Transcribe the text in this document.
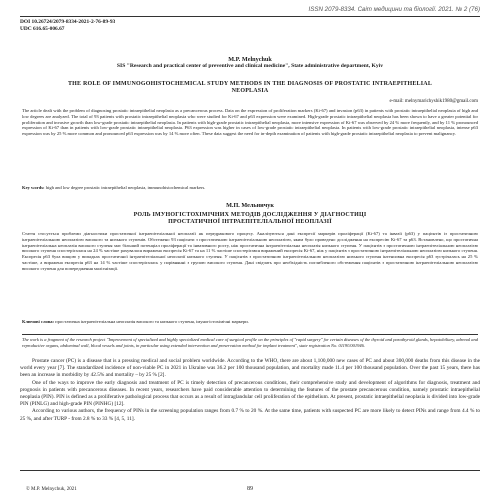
ISSN 2079-8334. Світ медицини та біології. 2021. № 2 (76)
DOI 10.26724/2079-8334-2021-2-76-89-93
UDC 616.65-006.67
M.P. Melnychuk
SIS "Research and practical center of preventive and clinical medicine", State administrative department, Kyiv
THE ROLE OF IMMUNOGOHISTOCHEMICAL STUDY METHODS IN THE DIAGNOSIS OF PROSTATIC INTRAEPITHELIAL NEOPLASIA
e-mail: melnymarichyshik1980@gmail.com
The article dealt with the problem of diagnosing prostatic intraepithelial neoplasia as a precancerous process. Data on the expression of proliferation markers (Ki-67) and invasion (p63) in patients with prostatic intraepithelial neoplasia of high and low degrees are analyzed. The total of 93 patients with prostatic intraepithelial neoplasia who were studied for Ki-67 and p63 expression were examined. High-grade prostatic intraepithelial neoplasia has been shown to have a greater potential for proliferation and invasive growth than low-grade prostatic intraepithelial neoplasia. In patients with high-grade prostatic intraepithelial neoplasia, more intensive expression of Ki-67 was observed by 24 % more frequently, and by 11 % pronounced expression of Ki-67 than in patients with low-grade prostatic intraepithelial neoplasia. P63 expression was higher in cases of low-grade prostatic intraepithelial neoplasia. In patients with low-grade prostatic intraepithelial neoplasia, intense p63 expression was by 25 % more common and pronounced p63 expression was by 14 % more often. These data suggest the need for in-depth examination of patients with high-grade prostatic intraepithelial neoplasia to prevent malignancy.
Key words: high and low degree prostatic intraepithelial neoplasia, immunohistochemical markers.
М.П. Мельничук
РОЛЬ ІМУНОГІСТОХІМІЧНИХ МЕТОДІВ ДОСЛІДЖЕННЯ У ДІАГНОСТИЦІ ПРОСТАТИЧНОЇ ІНТРАЕПІТЕЛІАЛЬНОЇ НЕОПЛАЗІЇ
Стаття стосується проблеми діагностики простатичної інтраепітеліальної неоплазії як передракового процесу. Аналізуються дані експресії маркерів проліферації (Ki-67) та інвазії (p63) у пацієнтів із простатичною інтраепітеліальною неоплазією високого та низького ступенів. Обстежено 93 пацієнти з простатичною інтраепітеліальною неоплазією, яким було проведено дослідження на експресію Ki-67 та p63. Встановлено, що простатична інтраепітеліальна неоплазія високого ступеня має більший потенціал проліферації та інвазивного росту, ніж простатична інтраепітеліальна неоплазія низького ступеня. У пацієнтів з простатичною інтраепітеліальною неоплазією високого ступеня спостерігалася на 24 % частіше рахувалася виражена експресія Ki-67 та на 11 % частіше спостерігався виражений експресія Ki-67, ніж у пацієнтів з простатичною інтраепітеліальною неоплазією низького ступеня. Експресія p63 була вищою у випадках простатичної інтраепітеліальної неоплазії низького ступеня. У пацієнтів з простатичною інтраепітеліальною неоплазією низького ступеня інтенсивна експресія p63 зустрічалась на 25 % частіше, а виражена експресія p63 на 14 % частіше спостерігалась у порівнянні з групою високого ступеня. Дані свідчать про необхідність поглибленого обстеження пацієнтів з простатичною інтраепітеліальною неоплазією високого ступеня для попередження малігнізації.
Ключові слова: простатична інтраепітеліальна неоплазія високого та низького ступеня, імуногістохімічні маркери.
The work is a fragment of the research project "Improvement of specialized and highly specialized medical care of surgical profile on the principles of "rapid surgery" for certain diseases of the thyroid and parathyroid glands, hepatobiliary, adrenal and reproductive organs, abdominal wall, blood vessels and joints, in particular using extended intervention and preservation method for implant treatment", state registration No. 0119U001946.

Prostate cancer (PC) is a disease that is a pressing medical and social problem worldwide. According to the WHO, there are about 1,100,000 new cases of PC and about 300,000 deaths from this disease in the world every year [7]. The standardized incidence of non-viable PC in 2021 in Ukraine was 36.2 per 100 thousand population, and mortality made 11.4 per 100 thousand population. Over the past 15 years, there has been an increase in morbidity by 42.5% and mortality – by 25 % [2].

One of the ways to improve the early diagnosis and treatment of PC is timely detection of precancerous conditions, their comprehensive study and development of algorithms for diagnosis, treatment and prognosis in patients with precancerous diseases. In recent years, researchers have paid considerable attention to determining the features of the prostate precancerous condition, namely prostatic intraepithelial neoplasia (PIN). PIN is defined as a proliferative pathological process that occurs as a result of intraglandular cell proliferation of the epithelium. At present, prostatic intraepithelial neoplasia is divided into low-grade PIN (PINLG) and high-grade PIN (PINHG) [12].

According to various authors, the frequency of PINs in the screening population ranges from 0.7 % to 20 %. At the same time, patients with suspected PC are more likely to detect PINs and range from 4.4 % to 25 %, and after TURP - from 2.8 % to 33 % [4, 5, 11].

© M.P. Melnychuk, 2021	89
